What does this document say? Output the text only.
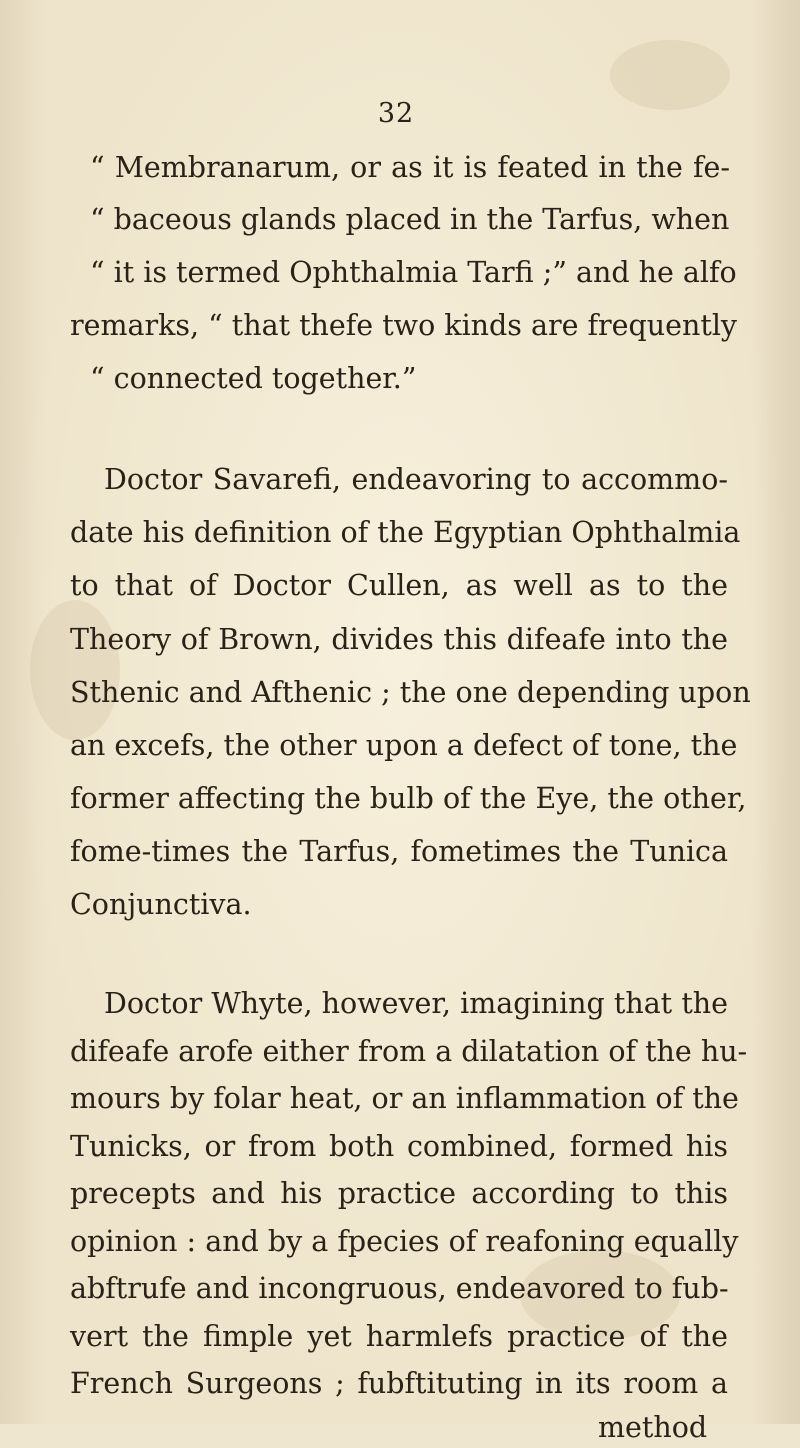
32
“ Membranarum, or as it is feated in the fe-
“ baceous glands placed in the Tarfus, when
“ it is termed Ophthalmia Tarfi ;” and he alfo
remarks, “ that thefe two kinds are frequently
“ connected together.”
Doctor Savarefi, endeavoring to accommo-
date his definition of the Egyptian Ophthalmia
to that of Doctor Cullen, as well as to the
Theory of Brown, divides this difeafe into the
Sthenic and Afthenic ; the one depending upon
an excefs, the other upon a defect of tone, the
former affecting the bulb of the Eye, the other,
fome-times the Tarfus, fometimes the Tunica
Conjunctiva.
Doctor Whyte, however, imagining that the
difeafe arofe either from a dilatation of the hu-
mours by folar heat, or an inflammation of the
Tunicks, or from both combined, formed his
precepts and his practice according to this
opinion : and by a fpecies of reafoning equally
abftrufe and incongruous, endeavored to fub-
vert the fimple yet harmlefs practice of the
French Surgeons ; fubftituting in its room a
method
